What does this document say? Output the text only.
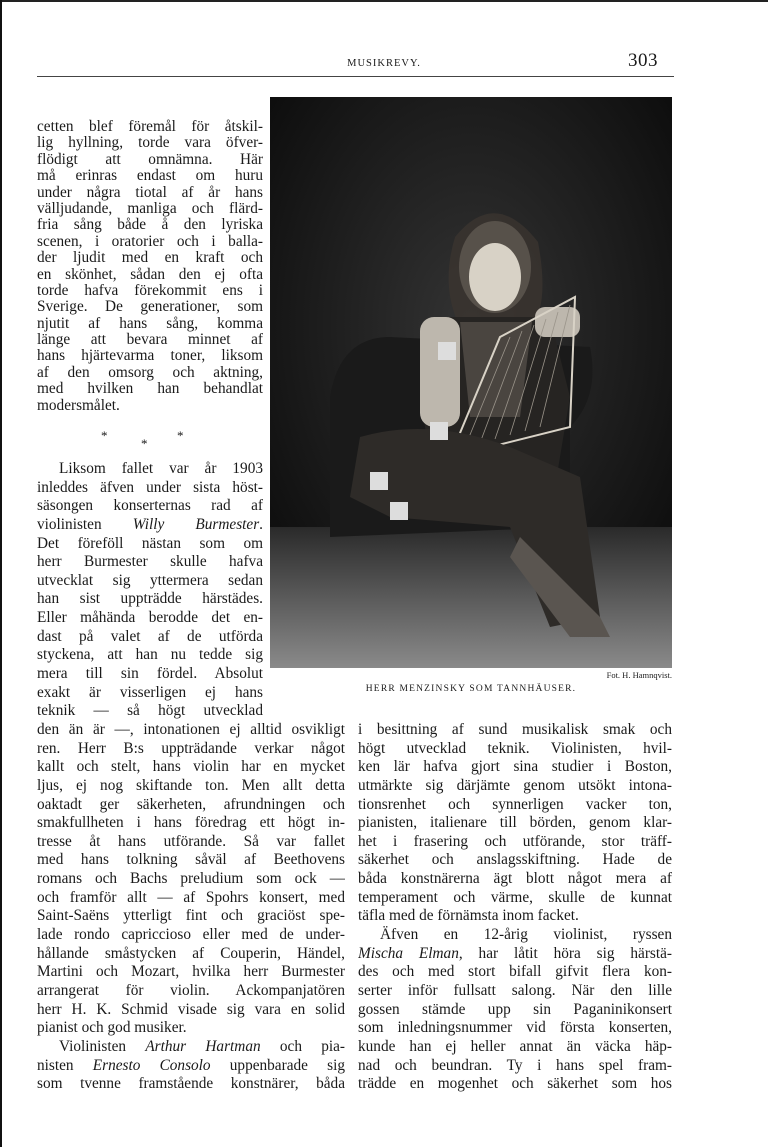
MUSIKREVY.	303
cetten blef föremål för åtskil-
lig hyllning, torde vara öfver-
flödigt att omnämna. Här
må erinras endast om huru
under några tiotal af år hans
välljudande, manliga och flärd-
fria sång både å den lyriska
scenen, i oratorier och i balla-
der ljudit med en kraft och
en skönhet, sådan den ej ofta
torde hafva förekommit ens i
Sverige. De generationer, som
njutit af hans sång, komma
länge att bevara minnet af
hans hjärtevarma toner, liksom
af den omsorg och aktning,
med hvilken han behandlat
modersmålet.
*
*
*
Liksom fallet var år 1903
inleddes äfven under sista höst-
säsongen konserternas rad af
violinisten Willy Burmester.
Det föreföll nästan som om
herr Burmester skulle hafva
utvecklat sig yttermera sedan
han sist uppträdde härstädes.
Eller måhända berodde det en-
dast på valet af de utförda
styckena, att han nu tedde sig
mera till sin fördel. Absolut
exakt är visserligen ej hans
teknik — så högt utvecklad
den än är —, intonationen ej alltid osvikligt
ren. Herr B:s uppträdande verkar något
kallt och stelt, hans violin har en mycket
ljus, ej nog skiftande ton. Men allt detta
oaktadt ger säkerheten, afrundningen och
smakfullheten i hans föredrag ett högt in-
tresse åt hans utförande. Så var fallet
med hans tolkning såväl af Beethovens
romans och Bachs preludium som ock —
och framför allt — af Spohrs konsert, med
Saint-Saëns ytterligt fint och graciöst spe-
lade rondo capriccioso eller med de under-
hållande småstycken af Couperin, Händel,
Martini och Mozart, hvilka herr Burmester
arrangerat för violin. Ackompanjatören
herr H. K. Schmid visade sig vara en solid
pianist och god musiker.
Violinisten Arthur Hartman och pia-
nisten Ernesto Consolo uppenbarade sig
som tvenne framstående konstnärer, båda
i besittning af sund musikalisk smak och
högt utvecklad teknik. Violinisten, hvil-
ken lär hafva gjort sina studier i Boston,
utmärkte sig därjämte genom utsökt intona-
tionsrenhet och synnerligen vacker ton,
pianisten, italienare till börden, genom klar-
het i frasering och utförande, stor träff-
säkerhet och anslagsskiftning. Hade de
båda konstnärerna ägt blott något mera af
temperament och värme, skulle de kunnat
täfla med de förnämsta inom facket.
Äfven en 12-årig violinist, ryssen
Mischa Elman, har låtit höra sig härstä-
des och med stort bifall gifvit flera kon-
serter inför fullsatt salong. När den lille
gossen stämde upp sin Paganinikonsert
som inledningsnummer vid första konserten,
kunde han ej heller annat än väcka häp-
nad och beundran. Ty i hans spel fram-
trädde en mogenhet och säkerhet som hos
Fot. H. Hamnqvist.
HERR MENZINSKY SOM TANNHÄUSER.
